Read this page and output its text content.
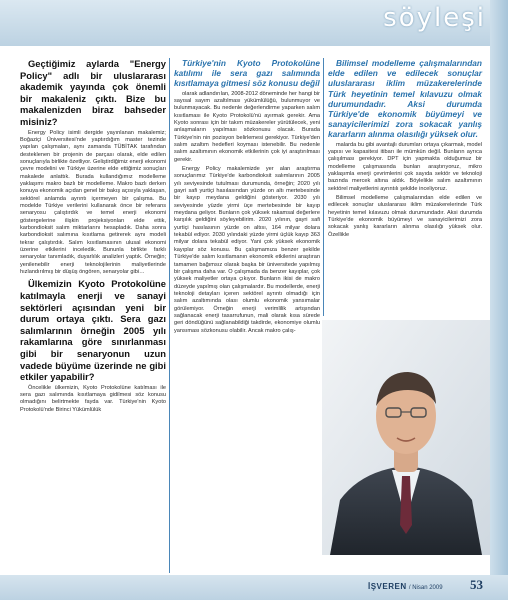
söyleşi

Geçtiğimiz aylarda "Energy Policy" adlı bir uluslararası akademik yayında çok önemli bir makaleniz çıktı. Bize bu makalenizden biraz bahseder misiniz?

Energy Policy isimli dergide yayınlanan makalemiz; Boğaziçi Üniversitesi'nde yaptırdığım master tezinde yapılan çalışmaları, aynı zamanda TÜBİTAK tarafından desteklenen bir projenin de parçası olarak, elde edilen sonuçlarıyla birlikte özetliyor. Geliştirdiğimiz enerji ekonomi çevre modelini ve Türkiye üzerine elde ettiğimiz sonuçları makalede anlattık. Burada kullandığımız modelleme yaklaşımı makro bazlı bir modelleme. Makro bazlı derken konuya ekonomik açıdan genel bir bakış açısıyla yaklaşan, sektörel anlamda ayrıntı içermeyen bir çalışma. Bu modelde Türkiye verilerini kullanarak önce bir referans senaryosu çalıştırdık ve temel enerji ekonomi göstergelerine ilişkin projeksiyonları elde ettik, karbondioksit salım miktarlarını hesapladık. Daha sonra karbondioksit salımına kısıtlama getirerek aynı modeli tekrar çalıştırdık. Salım kısıtlamasının ulusal ekonomi üzerine etkilerini inceledik. Bununla birlikte farklı senaryolar tanımladık, duyarlılık analizleri yaptık. Örneğin; yenilenebilir enerji teknolojilerinin maliyetlerinde hızlandırılmış bir düşüş öngören, senaryolar gibi…

Ülkemizin Kyoto Protokolüne katılmayla enerji ve sanayi sektörleri açısından yeni bir durum ortaya çıktı. Sera gazı salımlarının örneğin 2005 yılı rakamlarına göre sınırlanması gibi bir senaryonun uzun vadede büyüme üzerinde ne gibi etkiler yapabilir?

Öncelikle ülkemizin, Kyoto Protokolüne katılması ile sera gazı salımında kısıtlamaya gidilmesi söz konusu olmadığını belirtmekte fayda var. Türkiye'nin Kyoto Protokolü'nde Birinci Yükümlülük

Türkiye'nin Kyoto Protokolüne katılımı ile sera gazı salımında kısıtlamaya gitmesi söz konusu değil

olarak adlandırılan, 2008-2012 döneminde her hangi bir sayısal sayım azaltılması yükümlülüğü, bulunmuyor ve bulunmayacak. Bu nedenle değerlendirme yaparken salım kısıtlaması ile Kyoto Protokolü'nü ayırmak gerekir. Ama Kyoto sonrası için bir takım müzakereler yürütülecek, yeni anlaşmaların yapılması sözkonusu olacak. Burada Türkiye'nin nin pozisyon belirlemesi gerekiyor. Türkiye'den salım azaltım hedefleri koyması istenebilir. Bu nedenle salım azaltımının ekonomik etkilerinin çok iyi araştırılması gerekir.

Energy Policy makalemizde yer alan araştırma sonuçlarımız Türkiye'de karbondioksit salımlarının 2005 yılı seviyesinde tutulması durumunda, örneğin; 2020 yılı gayri safi yurtiçi hasılasından yüzde on altı mertebesinde bir kayıp meydana geldiğini gösteriyor. 2030 yılı seviyesinde yüzde yirmi üçe mertebesinde bir kayıp meydana geliyor. Bunların çok yüksek rakamsal değerlere karşılık geldiğini söyleyebilirim. 2020 yılının, gayri safi yurtiçi hasılasının yüzde on altısı, 164 milyar dolara tekabül ediyor. 2030 yılındaki yüzde yirmi üçlük kayıp 363 milyar dolara tekabül ediyor. Yani çok yüksek ekonomik kayıplar söz konusu. Bu çalışmamıza benzer şekilde Türkiye'de salım kısıtlamanın ekonomik etkilerini araştıran tamamen bağımsız olarak başka bir üniversitede yapılmış bir çalışma daha var. O çalışmada da benzer kayıplar, çok yüksek maliyetler ortaya çıkıyor. Bunların ikisi de makro düzeyde yapılmış olan çalışmalardır. Bu modellerde, enerji teknoloji detayları içeren sektörel ayrıntı olmadığı için salım azaltımında olası olumlu ekonomik yansımalar görülemiyor. Örneğin enerji verimlilik artışından sağlanacak enerji tasarrufunun, mali olarak kısa sürede geri döndüğünü sağlanabildiği takdirde, ekonomiye olumlu yansıması sözkonusu olabilir. Ancak makro çalış-

Bilimsel modelleme çalışmalarından elde edilen ve edilecek sonuçlar uluslararası iklim müzakerelerinde Türk heyetinin temel kılavuzu olmak durumundadır. Aksi durumda Türkiye'de ekonomik büyümeyi ve sanayicilerimizi zora sokacak yanlış kararların alınma olasılığı yüksek olur.

malarda bu gibi avantajlı durumları ortaya çıkarmak, model yapısı ve kapasitesi itibarı ile mümkün değil. Bunların ayrıca çalışılması gerekiyor. DPT için yapmakta olduğumuz bir modelleme çalışmasında bunları araştırıyoruz, mikro yaklaşımla enerji çevrimlerini çok sayıda sektör ve teknoloji bazında mercek altına aldık. Böylelikle salım azaltımının sektörel maliyetlerini ayrıntılı şekilde inceliyoruz.

Bilimsel modelleme çalışmalarından elde edilen ve edilecek sonuçlar uluslararası iklim müzakerelerinde Türk heyetinin temel kılavuzu olmak durumundadır. Aksi durumda Türkiye'de ekonomik büyümeyi ve sanayicilerimizi zora sokacak yanlış kararların alınma olasılığı yüksek olur. Özellikle

İŞVEREN / Nisan 2009 53
